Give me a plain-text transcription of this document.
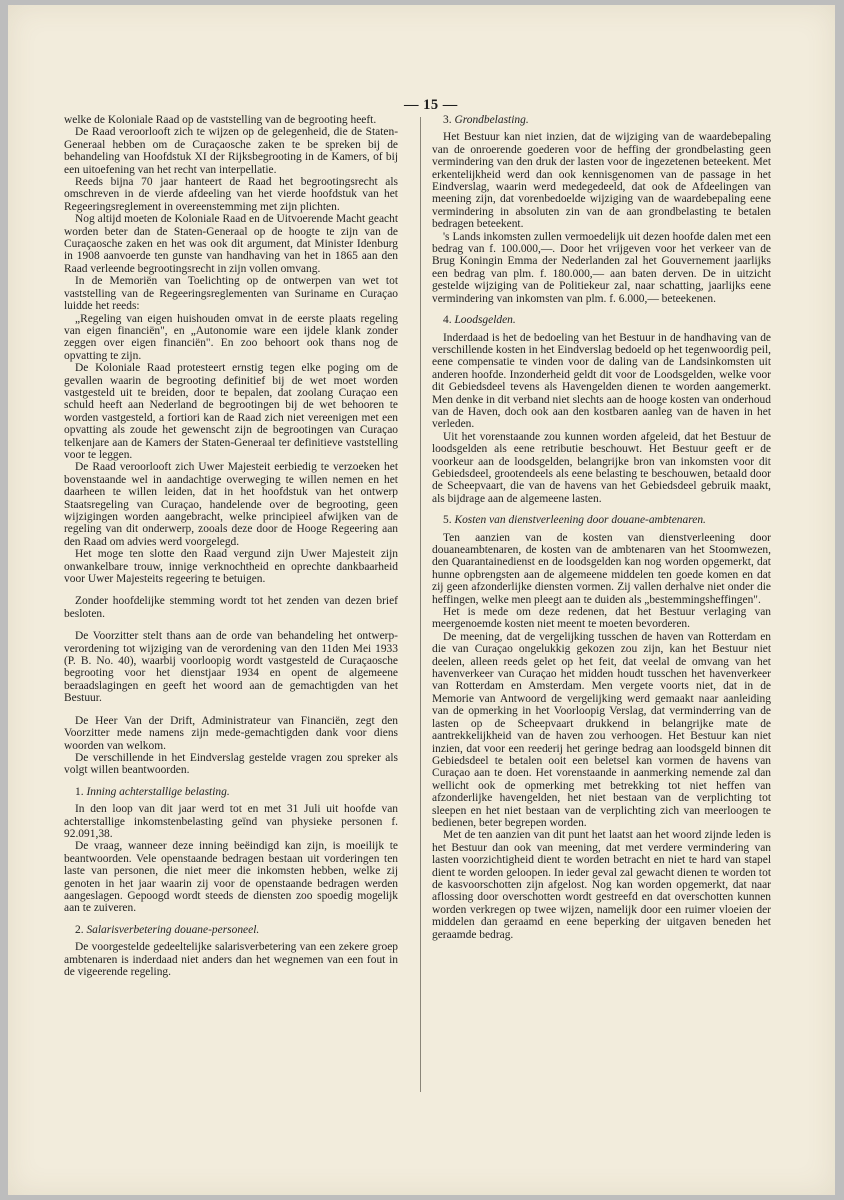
— 15 —

welke de Koloniale Raad op de vaststelling van de begrooting heeft.

De Raad veroorlooft zich te wijzen op de gelegenheid, die de Staten-Generaal hebben om de Curaçaosche zaken te be spreken bij de behandeling van Hoofdstuk XI der Rijksbegrooting in de Kamers, of bij een uitoefening van het recht van interpellatie.

Reeds bijna 70 jaar hanteert de Raad het begrootingsrecht als omschreven in de vierde afdeeling van het vierde hoofdstuk van het Regeeringsreglement in overeenstemming met zijn plichten.

Nog altijd moeten de Koloniale Raad en de Uitvoerende Macht geacht worden beter dan de Staten-Generaal op de hoogte te zijn van de Curaçaosche zaken en het was ook dit argument, dat Minister Idenburg in 1908 aanvoerde ten gunste van handhaving van het in 1865 aan den Raad verleende begrootingsrecht in zijn vollen omvang.

In de Memoriën van Toelichting op de ontwerpen van wet tot vaststelling van de Regeeringsreglementen van Suriname en Curaçao luidde het reeds:

„Regeling van eigen huishouden omvat in de eerste plaats regeling van eigen financiën", en „Autonomie ware een ijdele klank zonder zeggen over eigen financiën". En zoo behoort ook thans nog de opvatting te zijn.

De Koloniale Raad protesteert ernstig tegen elke poging om de gevallen waarin de begrooting definitief bij de wet moet worden vastgesteld uit te breiden, door te bepalen, dat zoolang Curaçao een schuld heeft aan Nederland de begrootingen bij de wet behooren te worden vastgesteld, a fortiori kan de Raad zich niet vereenigen met een opvatting als zoude het gewenscht zijn de begrootingen van Curaçao telkenjare aan de Kamers der Staten-Generaal ter definitieve vaststelling voor te leggen.

De Raad veroorlooft zich Uwer Majesteit eerbiedig te verzoeken het bovenstaande wel in aandachtige overweging te willen nemen en het daarheen te willen leiden, dat in het hoofdstuk van het ontwerp Staatsregeling van Curaçao, handelende over de begrooting, geen wijzigingen worden aangebracht, welke principieel afwijken van de regeling van dit onderwerp, zooals deze door de Hooge Regeering aan den Raad om advies werd voorgelegd.

Het moge ten slotte den Raad vergund zijn Uwer Majesteit zijn onwankelbare trouw, innige verknochtheid en oprechte dankbaarheid voor Uwer Majesteits regeering te betuigen.

Zonder hoofdelijke stemming wordt tot het zenden van dezen brief besloten.

De Voorzitter stelt thans aan de orde van behandeling het ontwerp-verordening tot wijziging van de verordening van den 11den Mei 1933 (P. B. No. 40), waarbij voorloopig wordt vastgesteld de Curaçaosche begrooting voor het dienstjaar 1934 en opent de algemeene beraadslagingen en geeft het woord aan de gemachtigden van het Bestuur.

De Heer Van der Drift, Administrateur van Financiën, zegt den Voorzitter mede namens zijn mede-gemachtigden dank voor diens woorden van welkom.

De verschillende in het Eindverslag gestelde vragen zou spreker als volgt willen beantwoorden.

1. Inning achterstallige belasting.

In den loop van dit jaar werd tot en met 31 Juli uit hoofde van achterstallige inkomstenbelasting geïnd van physieke personen f. 92.091,38.

De vraag, wanneer deze inning beëindigd kan zijn, is moeilijk te beantwoorden. Vele openstaande bedragen bestaan uit vorderingen ten laste van personen, die niet meer die inkomsten hebben, welke zij genoten in het jaar waarin zij voor de openstaande bedragen werden aangeslagen. Gepoogd wordt steeds de diensten zoo spoedig mogelijk aan te zuiveren.

2. Salarisverbetering douane-personeel.

De voorgestelde gedeeltelijke salarisverbetering van een zekere groep ambtenaren is inderdaad niet anders dan het wegnemen van een fout in de vigeerende regeling.

3. Grondbelasting.

Het Bestuur kan niet inzien, dat de wijziging van de waardebepaling van de onroerende goederen voor de heffing der grondbelasting geen vermindering van den druk der lasten voor de ingezetenen beteekent. Met erkentelijkheid werd dan ook kennisgenomen van de passage in het Eindverslag, waarin werd medegedeeld, dat ook de Afdeelingen van meening zijn, dat vorenbedoelde wijziging van de waardebepaling eene vermindering in absoluten zin van de aan grondbelasting te betalen bedragen beteekent.

's Lands inkomsten zullen vermoedelijk uit dezen hoofde dalen met een bedrag van f. 100.000,—. Door het vrijgeven voor het verkeer van de Brug Koningin Emma der Nederlanden zal het Gouvernement jaarlijks een bedrag van plm. f. 180.000,— aan baten derven. De in uitzicht gestelde wijziging van de Politiekeur zal, naar schatting, jaarlijks eene vermindering van inkomsten van plm. f. 6.000,— beteekenen.

4. Loodsgelden.

Inderdaad is het de bedoeling van het Bestuur in de handhaving van de verschillende kosten in het Eindverslag bedoeld op het tegenwoordig peil, eene compensatie te vinden voor de daling van de Landsinkomsten uit anderen hoofde. Inzonderheid geldt dit voor de Loodsgelden, welke voor dit Gebiedsdeel tevens als Havengelden dienen te worden aangemerkt. Men denke in dit verband niet slechts aan de hooge kosten van onderhoud van de Haven, doch ook aan den kostbaren aanleg van de haven in het verleden.

Uit het vorenstaande zou kunnen worden afgeleid, dat het Bestuur de loodsgelden als eene retributie beschouwt. Het Bestuur geeft er de voorkeur aan de loodsgelden, belangrijke bron van inkomsten voor dit Gebiedsdeel, grootendeels als eene belasting te beschouwen, betaald door de Scheepvaart, die van de havens van het Gebiedsdeel gebruik maakt, als bijdrage aan de algemeene lasten.

5. Kosten van dienstverleening door douane-ambtenaren.

Ten aanzien van de kosten van dienstverleening door douaneambtenaren, de kosten van de ambtenaren van het Stoomwezen, den Quarantainedienst en de loodsgelden kan nog worden opgemerkt, dat hunne opbrengsten aan de algemeene middelen ten goede komen en dat zij geen afzonderlijke diensten vormen. Zij vallen derhalve niet onder die heffingen, welke men pleegt aan te duiden als „bestemmingsheffingen".

Het is mede om deze redenen, dat het Bestuur verlaging van meergenoemde kosten niet meent te moeten bevorderen.

De meening, dat de vergelijking tusschen de haven van Rotterdam en die van Curaçao ongelukkig gekozen zou zijn, kan het Bestuur niet deelen, alleen reeds gelet op het feit, dat veelal de omvang van het havenverkeer van Curaçao het midden houdt tusschen het havenverkeer van Rotterdam en Amsterdam. Men vergete voorts niet, dat in de Memorie van Antwoord de vergelijking werd gemaakt naar aanleiding van de opmerking in het Voorloopig Verslag, dat verminderring van de lasten op de Scheepvaart drukkend in belangrijke mate de aantrekkelijkheid van de haven zou verhoogen. Het Bestuur kan niet inzien, dat voor een reederij het geringe bedrag aan loodsgeld binnen dit Gebiedsdeel te betalen ooit een beletsel kan vormen de havens van Curaçao aan te doen. Het vorenstaande in aanmerking nemende zal dan wellicht ook de opmerking met betrekking tot niet heffen van afzonderlijke havengelden, het niet bestaan van de verplichting tot sleepen en het niet bestaan van de verplichting zich van meerloogen te bedienen, beter begrepen worden.

Met de ten aanzien van dit punt het laatst aan het woord zijnde leden is het Bestuur dan ook van meening, dat met verdere vermindering van lasten voorzichtigheid dient te worden betracht en niet te hard van stapel dient te worden geloopen. In ieder geval zal gewacht dienen te worden tot de kasvoorschotten zijn afgelost. Nog kan worden opgemerkt, dat naar aflossing door overschotten wordt gestreefd en dat overschotten kunnen worden verkregen op twee wijzen, namelijk door een ruimer vloeien der middelen dan geraamd en eene beperking der uitgaven beneden het geraamde bedrag.
